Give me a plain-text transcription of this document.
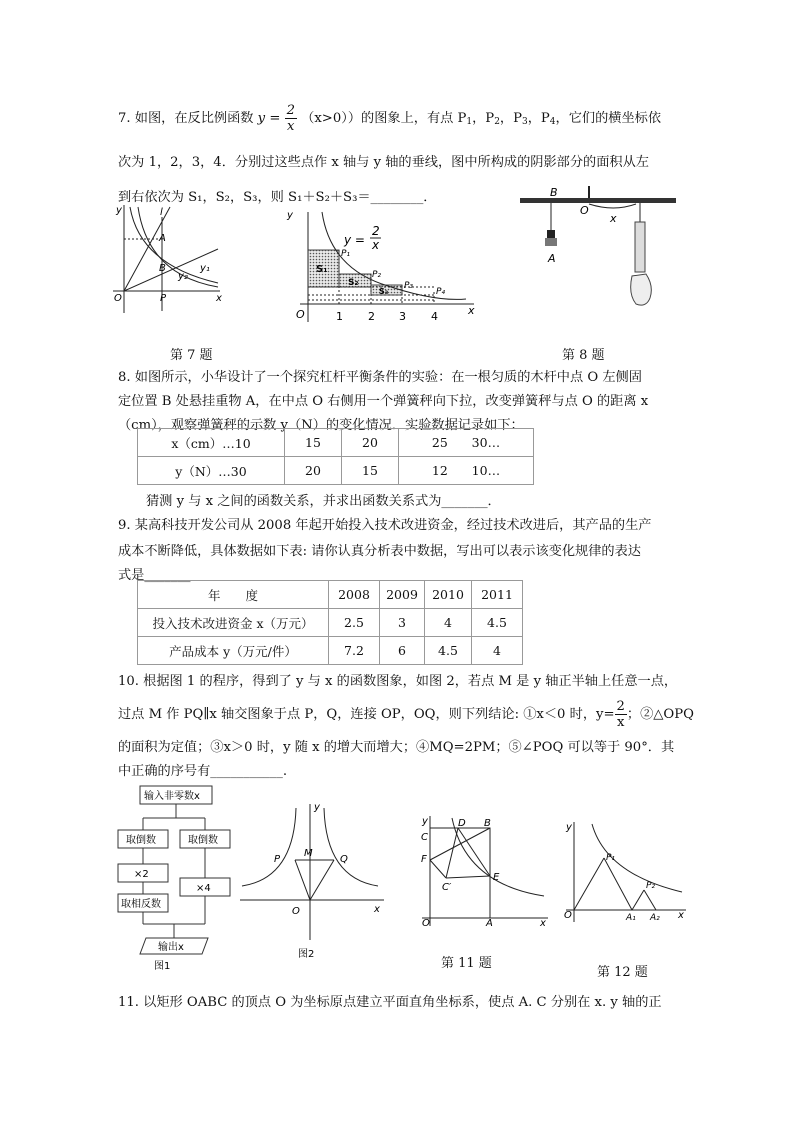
7. 如图，在反比例函数 $y = \frac{2}{x} (x>0)$）的图象上，有点 $P_1$，$P_2$，$P_3$，$P_4$，它们的横坐标依
次为 1，2，3，4．分别过这些点作 x 轴与 y 轴的垂线，图中所构成的阴影部分的面积从左
到右依次为 S₁，S₂，S₃，则 S₁＋S₂＋S₃＝________．
y	l
A
B	y₁
y₂
O	P	x
y
y =
2
x
S₁
S₂
S₃
P₁
P₂
P₃
P₄
O	x
1 2 3 4
B
O
x
A
第 7 题	第 8 题
8. 如图所示，小华设计了一个探究杠杆平衡条件的实验：在一根匀质的木杆中点 O 左侧固
定位置 B 处悬挂重物 A，在中点 O 右侧用一个弹簧秤向下拉，改变弹簧秤与点 O 的距离 x
（cm），观察弹簧秤的示数 y（N）的变化情况．实验数据记录如下：
x（cm）…10	15	20	25      30…
y（N）…30	20	15	12      10…
猜测 y 与 x 之间的函数关系，并求出函数关系式为_______．
9. 某高科技开发公司从 2008 年起开始投入技术改进资金，经过技术改进后，其产品的生产
成本不断降低，具体数据如下表: 请你认真分析表中数据，写出可以表示该变化规律的表达
式是_______
年　　度	2008	2009	2010	2011
投入技术改进资金 x（万元）	2.5	3	4	4.5
产品成本 y（万元/件）	7.2	6	4.5	4
10. 根据图 1 的程序，得到了 y 与 x 的函数图象，如图 2，若点 M 是 y 轴正半轴上任意一点，
过点 M 作 PQ∥x 轴交图象于点 P，Q，连接 OP，OQ，则下列结论: ①x＜0 时，$y= \frac{2}{x}$ ；②△OPQ
的面积为定值；③x＞0 时，y 随 x 的增大而增大；④MQ=2PM；⑤∠POQ 可以等于 90°．其
中正确的序号有___________.
输入非零数x
取倒数	取倒数
×2
×4
取相反数
输出x
图1
y
P
M
Q
O	x
图2
y	D B
C
F
C′
E
O	A	x
第 11 题
y
P₁
P₂
O	A₁ A₂ x
第 12 题
11. 以矩形 OABC 的顶点 O 为坐标原点建立平面直角坐标系，使点 A. C 分别在 x. y 轴的正
